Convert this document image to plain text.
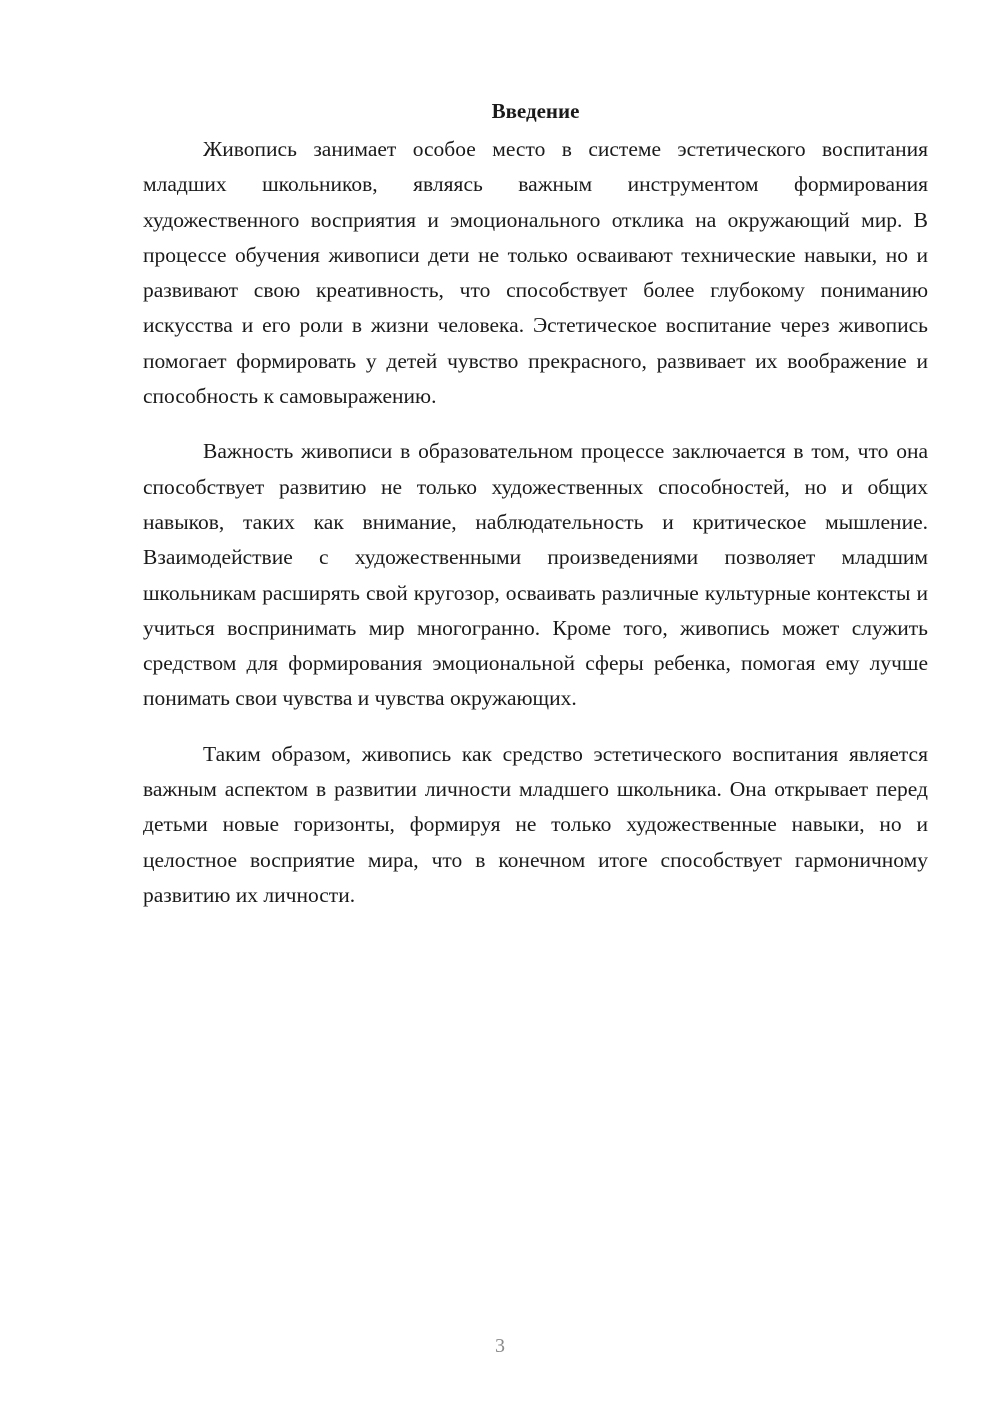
Введение

Живопись занимает особое место в системе эстетического воспитания младших школьников, являясь важным инструментом формирования художественного восприятия и эмоционального отклика на окружающий мир. В процессе обучения живописи дети не только осваивают технические навыки, но и развивают свою креативность, что способствует более глубокому пониманию искусства и его роли в жизни человека. Эстетическое воспитание через живопись помогает формировать у детей чувство прекрасного, развивает их воображение и способность к самовыражению.

Важность живописи в образовательном процессе заключается в том, что она способствует развитию не только художественных способностей, но и общих навыков, таких как внимание, наблюдательность и критическое мышление. Взаимодействие с художественными произведениями позволяет младшим школьникам расширять свой кругозор, осваивать различные культурные контексты и учиться воспринимать мир многогранно. Кроме того, живопись может служить средством для формирования эмоциональной сферы ребенка, помогая ему лучше понимать свои чувства и чувства окружающих.

Таким образом, живопись как средство эстетического воспитания является важным аспектом в развитии личности младшего школьника. Она открывает перед детьми новые горизонты, формируя не только художественные навыки, но и целостное восприятие мира, что в конечном итоге способствует гармоничному развитию их личности.

3
